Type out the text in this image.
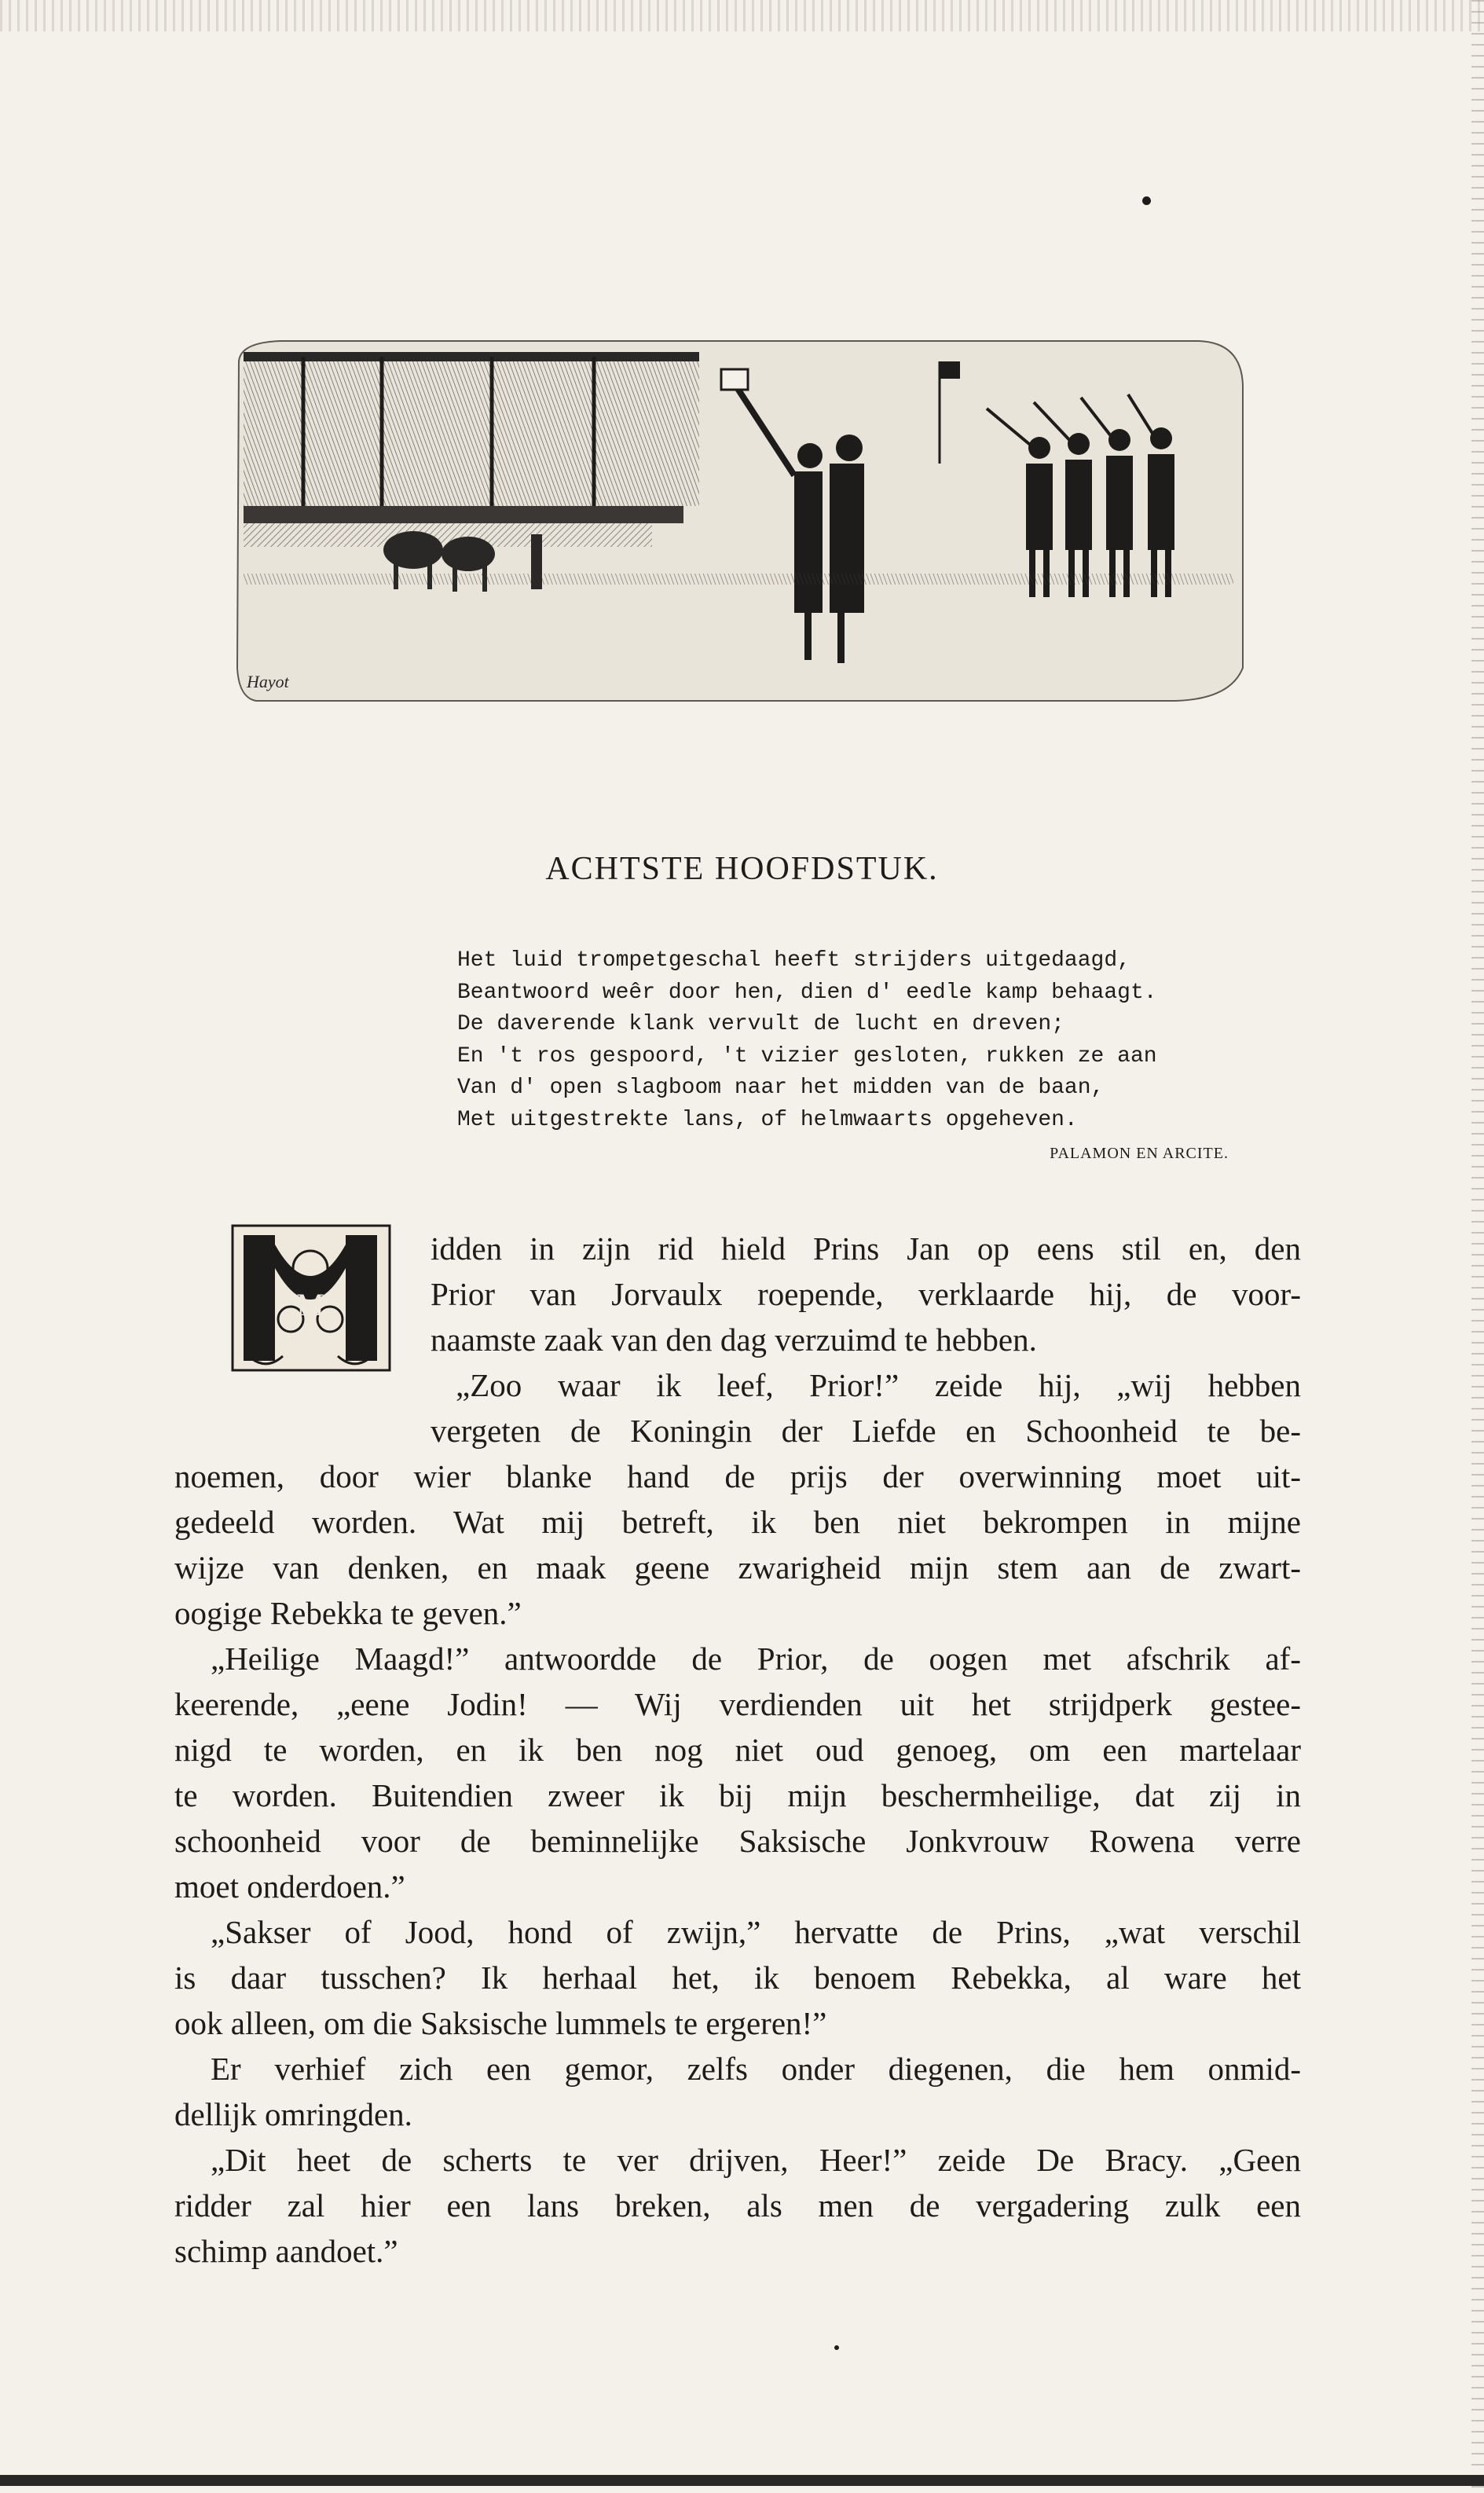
Hayot
ACHTSTE HOOFDSTUK.
Het luid trompetgeschal heeft strijders uitgedaagd,
Beantwoord weêr door hen, dien d' eedle kamp behaagt.
De daverende klank vervult de lucht en dreven;
En 't ros gespoord, 't vizier gesloten, rukken ze aan
Van d' open slagboom naar het midden van de baan,
Met uitgestrekte lans, of helmwaarts opgeheven.
PALAMON EN ARCITE.
M
idden in zijn rid hield Prins Jan op eens stil en, den
Prior van Jorvaulx roepende, verklaarde hij, de voor-
naamste zaak van den dag verzuimd te hebben.
„Zoo waar ik leef, Prior!” zeide hij, „wij hebben
vergeten de Koningin der Liefde en Schoonheid te be-
noemen, door wier blanke hand de prijs der overwinning moet uit-
gedeeld worden. Wat mij betreft, ik ben niet bekrompen in mijne
wijze van denken, en maak geene zwarigheid mijn stem aan de zwart-
oogige Rebekka te geven.”
„Heilige Maagd!” antwoordde de Prior, de oogen met afschrik af-
keerende, „eene Jodin! — Wij verdienden uit het strijdperk gestee-
nigd te worden, en ik ben nog niet oud genoeg, om een martelaar
te worden. Buitendien zweer ik bij mijn beschermheilige, dat zij in
schoonheid voor de beminnelijke Saksische Jonkvrouw Rowena verre
moet onderdoen.”
„Sakser of Jood, hond of zwijn,” hervatte de Prins, „wat verschil
is daar tusschen? Ik herhaal het, ik benoem Rebekka, al ware het
ook alleen, om die Saksische lummels te ergeren!”
Er verhief zich een gemor, zelfs onder diegenen, die hem onmid-
dellijk omringden.
„Dit heet de scherts te ver drijven, Heer!” zeide De Bracy. „Geen
ridder zal hier een lans breken, als men de vergadering zulk een
schimp aandoet.”
